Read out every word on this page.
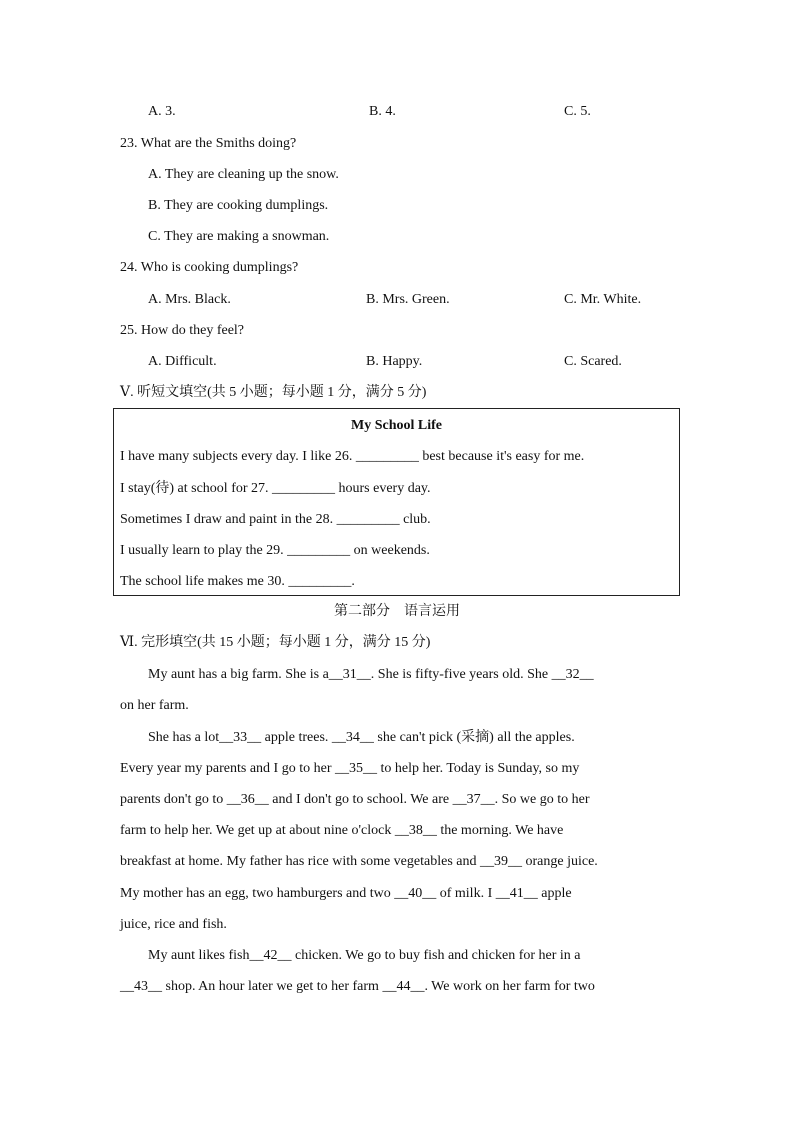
A. 3.	B. 4.	C. 5.
23. What are the Smiths doing?
A. They are cleaning up the snow.
B. They are cooking dumplings.
C. They are making a snowman.
24. Who is cooking dumplings?
A. Mrs. Black.	B. Mrs. Green.	C. Mr. White.
25. How do they feel?
A. Difficult.	B. Happy.	C. Scared.
Ⅴ. 听短文填空(共 5 小题；每小题 1 分，满分 5 分)
My School Life
I have many subjects every day. I like 26. _________ best because it's easy for me.
I stay(待) at school for 27. _________ hours every day.
Sometimes I draw and paint in the 28. _________ club.
I usually learn to play the 29. _________ on weekends.
The school life makes me 30. _________.
第二部分　语言运用
Ⅵ. 完形填空(共 15 小题；每小题 1 分，满分 15 分)
My aunt has a big farm. She is a__31__. She is fifty-five years old. She __32__
on her farm.
She has a lot__33__ apple trees. __34__ she can't pick (采摘) all the apples.
Every year my parents and I go to her __35__ to help her. Today is Sunday, so my
parents don't go to __36__ and I don't go to school. We are __37__. So we go to her
farm to help her. We get up at about nine o'clock __38__ the morning. We have
breakfast at home. My father has rice with some vegetables and __39__ orange juice.
My mother has an egg, two hamburgers and two __40__ of milk. I __41__ apple
juice, rice and fish.
My aunt likes fish__42__ chicken. We go to buy fish and chicken for her in a
__43__ shop. An hour later we get to her farm __44__. We work on her farm for two
